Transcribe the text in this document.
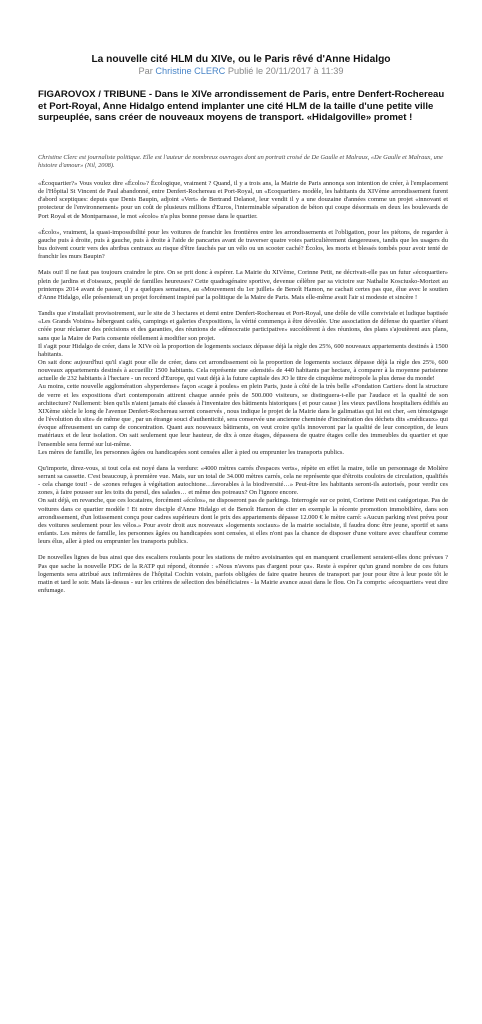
La nouvelle cité HLM du XIVe, ou le Paris rêvé d'Anne Hidalgo
Par Christine CLERC Publié le 20/11/2017 à 11:39
FIGAROVOX / TRIBUNE - Dans le XIVe arrondissement de Paris, entre Denfert-Rochereau et Port-Royal, Anne Hidalgo entend implanter une cité HLM de la taille d'une petite ville surpeuplée, sans créer de nouveaux moyens de transport. «Hidalgoville» promet !
Christine Clerc est journaliste politique. Elle est l'auteur de nombreux ouvrages dont un portrait croisé de De Gaulle et Malraux, «De Gaulle et Malraux, une histoire d'amour» (Nil, 2008).

«Écoquartier?» Vous voulez dire «Écolo»? Écologique, vraiment ? Quand, il y a trois ans, la Mairie de Paris annonça son intention de créer, à l'emplacement de l'Hôpital St Vincent de Paul abandonné, entre Denfert-Rochereau et Port-Royal, un «Ecoquartier» modèle, les habitants du XIVème arrondissement furent d'abord sceptiques: depuis que Denis Baupin, adjoint «Vert» de Bertrand Delanoë, leur vendit il y a une douzaine d'années comme un projet «innovant et protecteur de l'environnement» pour un coût de plusieurs millions d'Euros, l'interminable séparation de béton qui coupe désormais en deux les boulevards de Port Royal et de Montparnasse, le mot «écolo» n'a plus bonne presse dans le quartier.

«Écolo», vraiment, la quasi-impossibilité pour les voitures de franchir les frontières entre les arrondissements et l'obligation, pour les piétons, de regarder à gauche puis à droite, puis à gauche, puis à droite à l'aide de pancartes avant de traverser quatre voies particulièrement dangereuses, tandis que les usagers du bus doivent courir vers des abribus centraux au risque d'être fauchés par un vélo ou un scooter caché? Écolos, les morts et blessés tombés pour avoir tenté de franchir les murs Baupin?

Mais oui! Il ne faut pas toujours craindre le pire. On se prit donc à espérer. La Mairie du XIVème, Corinne Petit, ne décrivait-elle pas un futur «écoquartier» plein de jardins et d'oiseaux, peuplé de familles heureuses? Cette quadragénaire sportive, devenue célèbre par sa victoire sur Nathalie Kosciusko-Morizet au printemps 2014 avant de passer, il y a quelques semaines, au «Mouvement du 1er juillet» de Benoît Hamon, ne cachait certes pas que, élue avec le soutien d'Anne Hidalgo, elle présenterait un projet forcément inspiré par la politique de la Maire de Paris. Mais elle-même avait l'air si modeste et sincère !

Tandis que s'installait provisoirement, sur le site de 3 hectares et demi entre Denfert-Rochereau et Port-Royal, une drôle de ville conviviale et ludique baptisée «Les Grands Voisins» hébergeant cafés, campings et galeries d'expositions, la vérité commença à être dévoilée. Une association de défense du quartier s'étant créée pour réclamer des précisions et des garanties, des réunions de «démocratie participative» succédèrent à des réunions, des plans s'ajoutèrent aux plans, sans que la Maire de Paris consente réellement à modifier son projet.
Il s'agit pour Hidalgo de créer, dans le XIVe où la proportion de logements sociaux dépasse déjà la règle des 25%, 600 nouveaux appartements destinés à 1500 habitants.
On sait donc aujourd'hui qu'il s'agit pour elle de créer, dans cet arrondissement où la proportion de logements sociaux dépasse déjà la règle des 25%, 600 nouveaux appartements destinés à accueillir 1500 habitants. Cela représente une «densité» de 440 habitants par hectare, à comparer à la moyenne parisienne actuelle de 232 habitants à l'hectare - un record d'Europe, qui vaut déjà à la future capitale des JO le titre de cinquième métropole la plus dense du monde!
Au moins, cette nouvelle agglomération «hyperdense» façon «cage à poules» en plein Paris, juste à côté de la très belle «Fondation Cartier» dont la structure de verre et les expositions d'art contemporain attirent chaque année près de 500.000 visiteurs, se distinguera-t-elle par l'audace et la qualité de son architecture? Nullement: bien qu'ils n'aient jamais été classés à l'inventaire des bâtiments historiques ( et pour cause ) les vieux pavillons hospitaliers édifiés au XIXème siècle le long de l'avenue Denfert-Rochereau seront conservés , nous indique le projet de la Mairie dans le galimatias qui lui est cher, «en témoignage de l'évolution du site» de même que , par un étrange souci d'authenticité, sera conservée une ancienne cheminée d'incinération des déchets dits «médicaux» qui évoque affreusement un camp de concentration. Quant aux nouveaux bâtiments, on veut croire qu'ils innoveront par la qualité de leur conception, de leurs matériaux et de leur isolation. On sait seulement que leur hauteur, de dix à onze étages, dépassera de quatre étages celle des immeubles du quartier et que l'ensemble sera fermé sur lui-même.
Les mères de famille, les personnes âgées ou handicapées sont censées aller à pied ou emprunter les transports publics.

Qu'importe, direz-vous, si tout cela est noyé dans la verdure: «4000 mètres carrés d'espaces verts», répète en effet la maire, telle un personnage de Molière serrant sa cassette. C'est beaucoup, à première vue. Mais, sur un total de 34.000 mètres carrés, cela ne représente que d'étroits couloirs de circulation, qualifiés - cela change tout! - de «zones refuges à végétation autochtone…favorables à la biodiversité…» Peut-être les habitants seront-ils autorisés, pour verdir ces zones, à faire pousser sur les toits du persil, des salades… et même des poireaux? On l'ignore encore.
On sait déjà, en revanche, que ces locataires, forcément «écolos», ne disposeront pas de parkings. Interrogée sur ce point, Corinne Petit est catégorique. Pas de voitures dans ce quartier modèle ! Et notre disciple d'Anne Hidalgo et de Benoît Hamon de citer en exemple la récente promotion immobilière, dans son arrondissement, d'un lotissement conçu pour cadres supérieurs dont le prix des appartements dépasse 12.000 € le mètre carré: «Aucun parking n'est prévu pour des voitures seulement pour les vélos.» Pour avoir droit aux nouveaux «logements sociaux» de la mairie socialiste, il faudra donc être jeune, sportif et sans enfants. Les mères de famille, les personnes âgées ou handicapées sont censées, si elles n'ont pas la chance de disposer d'une voiture avec chauffeur comme leurs élus, aller à pied ou emprunter les transports publics.

De nouvelles lignes de bus ainsi que des escaliers roulants pour les stations de métro avoisinantes qui en manquent cruellement seraient-elles donc prévues ? Pas que sache la nouvelle PDG de la RATP qui répond, étonnée : «Nous n'avons pas d'argent pour ça». Reste à espérer qu'un grand nombre de ces futurs logements sera attribué aux infirmières de l'hôpital Cochin voisin, parfois obligées de faire quatre heures de transport par jour pour être à leur poste tôt le matin et tard le soir. Mais là-dessus - sur les critères de sélection des bénéficiaires - la Mairie avance aussi dans le flou. On l'a compris: «écoquartier» veut dire enfumage.
